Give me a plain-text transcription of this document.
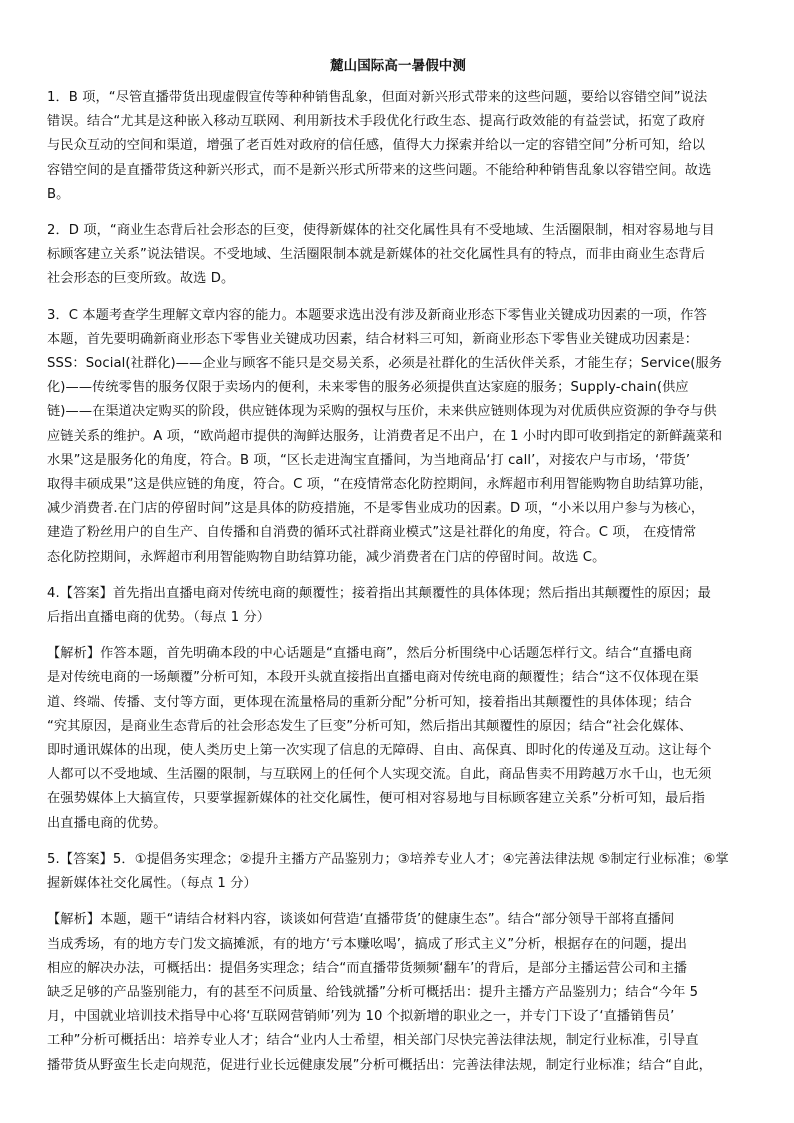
麓山国际高一暑假中测
1．B 项，“尽管直播带货出现虚假宣传等种种销售乱象，但面对新兴形式带来的这些问题，要给以容错空间”说法
错误。结合“尤其是这种嵌入移动互联网、利用新技术手段优化行政生态、提高行政效能的有益尝试，拓宽了政府
与民众互动的空间和渠道，增强了老百姓对政府的信任感，值得大力探索并给以一定的容错空间”分析可知，给以
容错空间的是直播带货这种新兴形式，而不是新兴形式所带来的这些问题。不能给种种销售乱象以容错空间。故选
B。
2．D 项，“商业生态背后社会形态的巨变，使得新媒体的社交化属性具有不受地域、生活圈限制，相对容易地与目
标顾客建立关系”说法错误。不受地域、生活圈限制本就是新媒体的社交化属性具有的特点，而非由商业生态背后
社会形态的巨变所致。故选 D。
3．C 本题考查学生理解文章内容的能力。本题要求选出没有涉及新商业形态下零售业关键成功因素的一项，作答
本题，首先要明确新商业形态下零售业关键成功因素，结合材料三可知，新商业形态下零售业关键成功因素是：
SSS：Social(社群化)——企业与顾客不能只是交易关系，必须是社群化的生活伙伴关系，才能生存；Service(服务
化)——传统零售的服务仅限于卖场内的便利，未来零售的服务必须提供直达家庭的服务；Supply-chain(供应
链)——在渠道决定购买的阶段，供应链体现为采购的强权与压价，未来供应链则体现为对优质供应资源的争夺与供
应链关系的维护。A 项，“欧尚超市提供的淘鲜达服务，让消费者足不出户，在 1 小时内即可收到指定的新鲜蔬菜和
水果”这是服务化的角度，符合。B 项，“区长走进淘宝直播间，为当地商品‘打 call’，对接农户与市场，‘带货’
取得丰硕成果”这是供应链的角度，符合。C 项，“在疫情常态化防控期间，永辉超市利用智能购物自助结算功能，
减少消费者.在门店的停留时间”这是具体的防疫措施，不是零售业成功的因素。D 项，“小米以用户参与为核心，
建造了粉丝用户的自生产、自传播和自消费的循环式社群商业模式”这是社群化的角度，符合。C 项， 在疫情常
态化防控期间，永辉超市利用智能购物自助结算功能，减少消费者在门店的停留时间。故选 C。
4.【答案】首先指出直播电商对传统电商的颠覆性；接着指出其颠覆性的具体体现；然后指出其颠覆性的原因；最
后指出直播电商的优势。（每点 1 分）
【解析】作答本题，首先明确本段的中心话题是“直播电商”，然后分析围绕中心话题怎样行文。结合“直播电商
是对传统电商的一场颠覆”分析可知，本段开头就直接指出直播电商对传统电商的颠覆性；结合“这不仅体现在渠
道、终端、传播、支付等方面，更体现在流量格局的重新分配”分析可知，接着指出其颠覆性的具体体现；结合
“究其原因，是商业生态背后的社会形态发生了巨变”分析可知，然后指出其颠覆性的原因；结合“社会化媒体、
即时通讯媒体的出现，使人类历史上第一次实现了信息的无障碍、自由、高保真、即时化的传递及互动。这让每个
人都可以不受地域、生活圈的限制，与互联网上的任何个人实现交流。自此，商品售卖不用跨越万水千山，也无须
在强势媒体上大搞宣传，只要掌握新媒体的社交化属性，便可相对容易地与目标顾客建立关系”分析可知，最后指
出直播电商的优势。
5.【答案】5．①提倡务实理念；②提升主播方产品鉴别力；③培养专业人才；④完善法律法规 ⑤制定行业标准；⑥掌
握新媒体社交化属性。（每点 1 分）
【解析】本题，题干“请结合材料内容，谈谈如何营造‘直播带货’的健康生态”。结合“部分领导干部将直播间
当成秀场，有的地方专门发文搞摊派，有的地方‘亏本赚吆喝’，搞成了形式主义”分析，根据存在的问题，提出
相应的解决办法，可概括出：提倡务实理念；结合“而直播带货频频‘翻车’的背后，是部分主播运营公司和主播
缺乏足够的产品鉴别能力，有的甚至不问质量、给钱就播”分析可概括出：提升主播方产品鉴别力；结合“今年 5
月，中国就业培训技术指导中心将‘互联网营销师’列为 10 个拟新增的职业之一，并专门下设了‘直播销售员’
工种”分析可概括出：培养专业人才；结合“业内人士希望，相关部门尽快完善法律法规，制定行业标准，引导直
播带货从野蛮生长走向规范，促进行业长远健康发展”分析可概括出：完善法律法规，制定行业标准；结合“自此，
